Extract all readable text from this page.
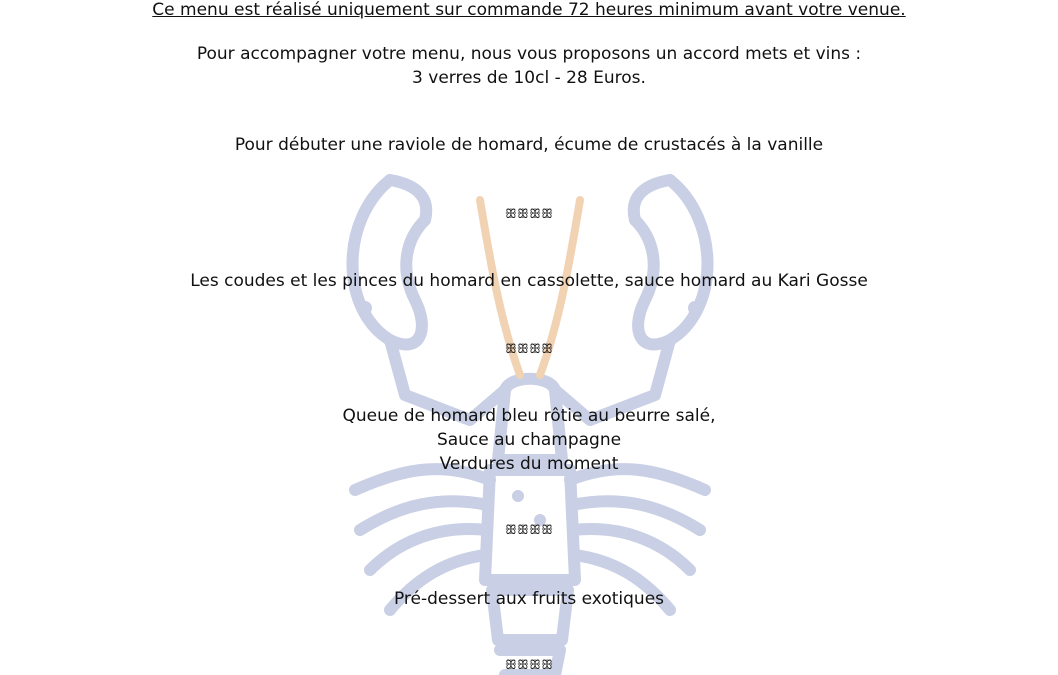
Ce menu est réalisé uniquement sur commande 72 heures minimum avant votre venue.
Pour accompagner votre menu, nous vous proposons un accord mets et vins :
3 verres de 10cl - 28 Euros.
Pour débuter une raviole de homard, écume de crustacés à la vanille
ꕥꕥꕥꕥ
Les coudes et les pinces du homard en cassolette, sauce homard au Kari Gosse
ꕥꕥꕥꕥ
Queue de homard bleu rôtie au beurre salé,
Sauce au champagne
Verdures du moment
ꕥꕥꕥꕥ
Pré-dessert aux fruits exotiques
ꕥꕥꕥꕥ
